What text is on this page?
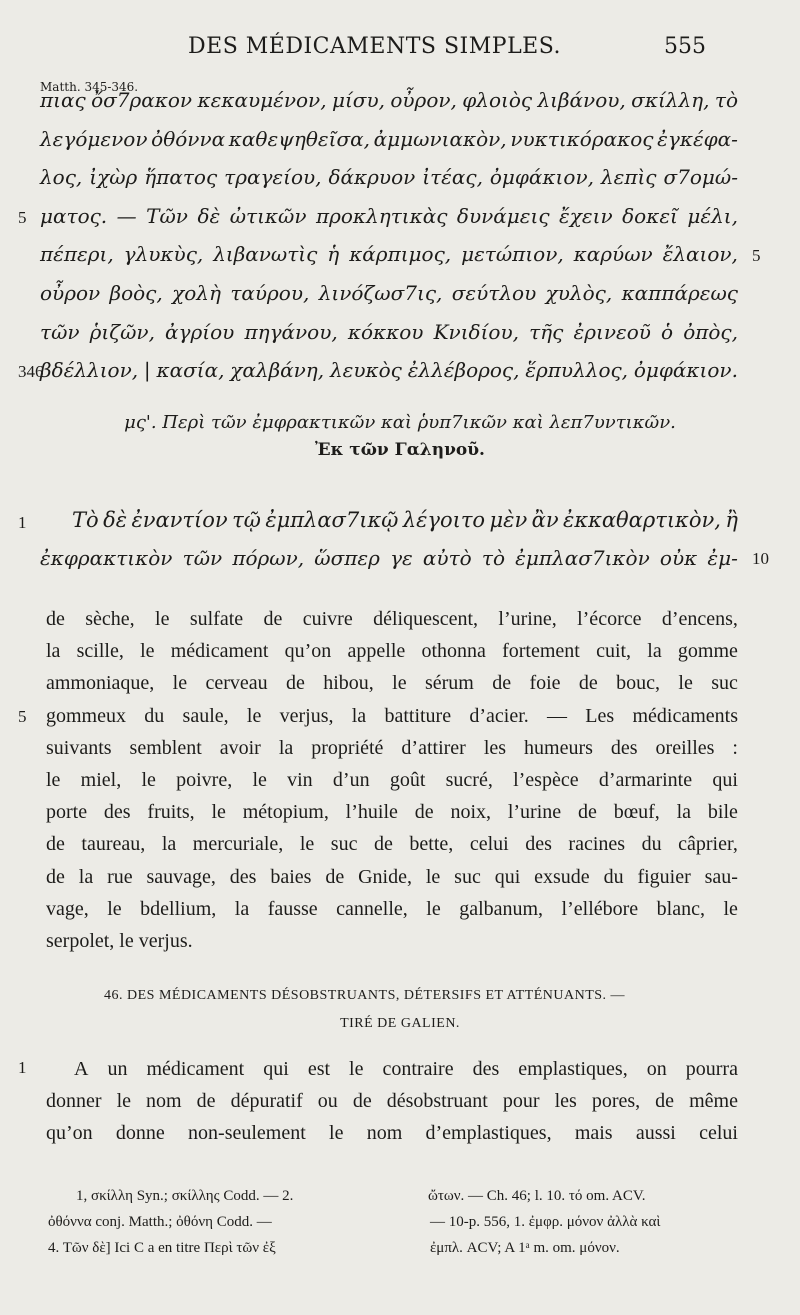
DES MÉDICAMENTS SIMPLES.	555
Matth. 345-346.
πιας ὄσ7ρακον κεκαυμένον, μίσυ, οὖρον, φλοιὸς λιβάνου, σκίλλη, τὸ
λεγόμενον ὀθόννα καθεψηθεῖσα, ἀμμωνιακὸν, νυκτικόρακος ἐγκέφα-
λος, ἰχὼρ ἥπατος τραγείου, δάκρυον ἰτέας, ὀμφάκιον, λεπὶς σ7ομώ-
ματος. — Τῶν δὲ ὠτικῶν προκλητικὰς δυνάμεις ἔχειν δοκεῖ μέλι,
5
πέπερι, γλυκὺς, λιβανωτὶς ἡ κάρπιμος, μετώπιον, καρύων ἔλαιον, 5
οὖρον βοὸς, χολὴ ταύρου, λινόζωσ7ις, σεύτλου χυλὸς, καππάρεως
τῶν ῥιζῶν, ἀγρίου πηγάνου, κόκκου Κνιδίου, τῆς ἐρινεοῦ ὁ ὀπὸς,
βδέλλιον, | κασία, χαλβάνη, λευκὸς ἐλλέβορος, ἕρπυλλος, ὀμφάκιον.
346
μς'. Περὶ τῶν ἐμφρακτικῶν καὶ ῥυπ7ικῶν καὶ λεπ7υντικῶν.
Ἐκ τῶν Γαληνοῦ.
Τὸ δὲ ἐναντίον τῷ ἐμπλασ7ικῷ λέγοιτο μὲν ἂν ἐκκαθαρτικὸν, ἢ
1
ἐκφρακτικὸν τῶν πόρων, ὥσπερ γε αὐτὸ τὸ ἐμπλασ7ικὸν οὐκ ἐμ- 10
de sèche, le sulfate de cuivre déliquescent, l’urine, l’écorce d’encens,
la scille, le médicament qu’on appelle othonna fortement cuit, la gomme
ammoniaque, le cerveau de hibou, le sérum de foie de bouc, le suc
gommeux du saule, le verjus, la battiture d’acier. — Les médicaments
5
suivants semblent avoir la propriété d’attirer les humeurs des oreilles :
le miel, le poivre, le vin d’un goût sucré, l’espèce d’armarinte qui
porte des fruits, le métopium, l’huile de noix, l’urine de bœuf, la bile
de taureau, la mercuriale, le suc de bette, celui des racines du câprier,
de la rue sauvage, des baies de Gnide, le suc qui exsude du figuier sau-
vage, le bdellium, la fausse cannelle, le galbanum, l’ellébore blanc, le
serpolet, le verjus.
46. DES MÉDICAMENTS DÉSOBSTRUANTS, DÉTERSIFS ET ATTÉNUANTS. —
TIRÉ DE GALIEN.
A un médicament qui est le contraire des emplastiques, on pourra
1
donner le nom de dépuratif ou de désobstruant pour les pores, de même
qu’on donne non-seulement le nom d’emplastiques, mais aussi celui
1, σκίλλη Syn.; σκίλλης Codd. — 2.
ὀθόννα conj. Matth.; ὀθόνη Codd. —
4. Τῶν δὲ] Ici C a en titre Περὶ τῶν ἐξ
ὤτων. — Ch. 46; l. 10. τό om. ACV.
— 10-p. 556, 1. ἐμφρ. μόνον ἀλλὰ καὶ
ἐμπλ. ACV; A 1ᵃ m. om. μόνον.
